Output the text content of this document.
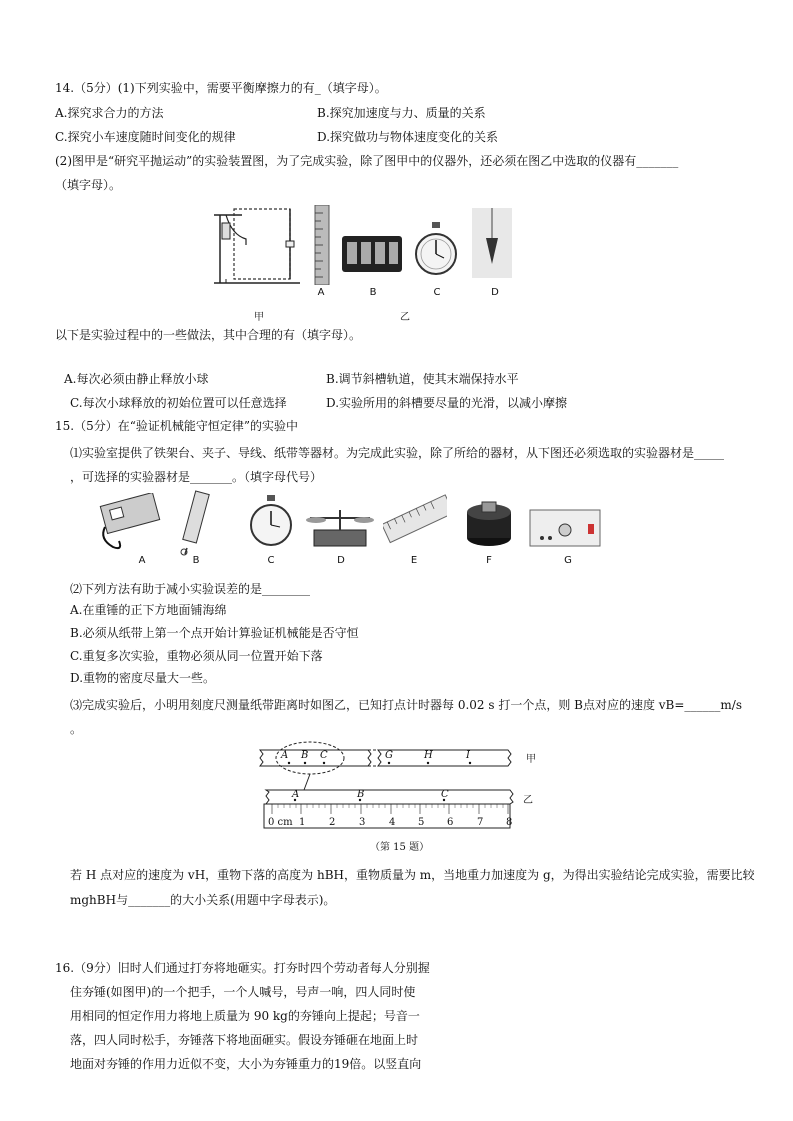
14.（5分）(1)下列实验中，需要平衡摩擦力的有_（填字母）。
A.探究求合力的方法	B.探究加速度与力、质量的关系
C.探究小车速度随时间变化的规律	D.探究做功与物体速度变化的关系
(2)图甲是“研究平抛运动”的实验装置图，为了完成实验，除了图甲中的仪器外，还必须在图乙中选取的仪器有_______
（填字母）。
A	B	C	D
甲	乙
以下是实验过程中的一些做法，其中合理的有（填字母）。
A.每次必须由静止释放小球	B.调节斜槽轨道，使其末端保持水平
C.每次小球释放的初始位置可以任意选择	D.实验所用的斜槽要尽量的光滑，以减小摩擦
15.（5分）在“验证机械能守恒定律”的实验中
⑴实验室提供了铁架台、夹子、导线、纸带等器材。为完成此实验，除了所给的器材，从下图还必须选取的实验器材是_____
，可选择的实验器材是_______。（填字母代号）
A	B	C	D	E	F	G
⑵下列方法有助于减小实验误差的是________
A.在重锤的正下方地面铺海绵
B.必须从纸带上第一个点开始计算验证机械能是否守恒
C.重复多次实验，重物必须从同一位置开始下落
D.重物的密度尽量大一些。
⑶完成实验后，小明用刻度尺测量纸带距离时如图乙，已知打点计时器每 0.02 s 打一个点，则 B点对应的速度 vB=______m/s
。
A B C	G	H	I	甲
A	B	C
乙
0 cm 1 2 3 4 5 6 7 8
（第 15 题）
若 H 点对应的速度为 vH，重物下落的高度为 hBH，重物质量为 m，当地重力加速度为 g，为得出实验结论完成实验，需要比较
mghBH与_______的大小关系(用题中字母表示)。
16.（9分）旧时人们通过打夯将地砸实。打夯时四个劳动者每人分别握
住夯锤(如图甲)的一个把手，一个人喊号，号声一响，四人同时使
用相同的恒定作用力将地上质量为 90 kg的夯锤向上提起；号音一
落，四人同时松手，夯锤落下将地面砸实。假设夯锤砸在地面上时
地面对夯锤的作用力近似不变，大小为夯锤重力的19倍。以竖直向
